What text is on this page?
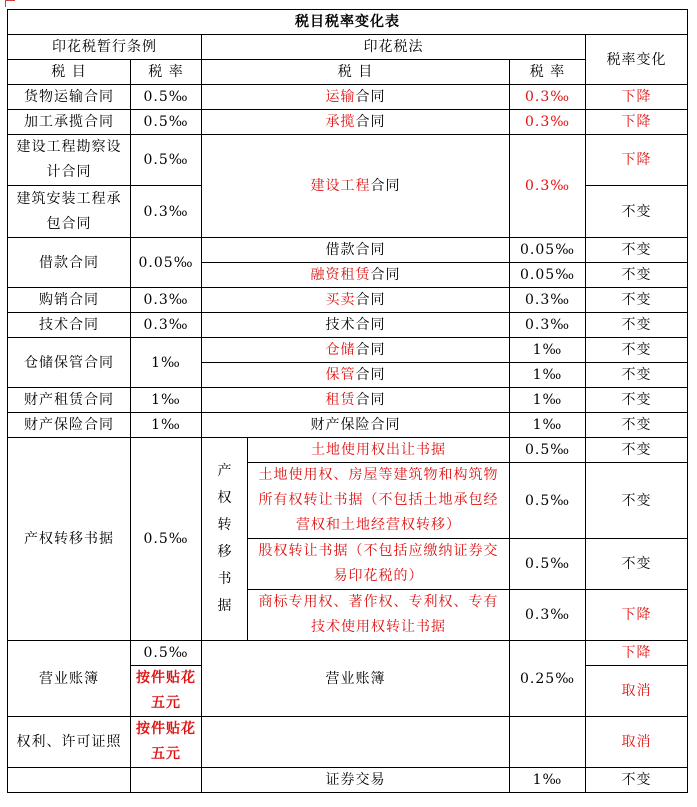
税目税率变化表					
印花税暂行条例		印花税法			税率变化
税 目	税 率	税 目		税 率	
货物运输合同	0.5‰	运输合同		0.3‰	下降
加工承揽合同	0.5‰	承揽合同		0.3‰	下降
建设工程勘察设计合同	0.5‰	建设工程合同		0.3‰	下降
建筑安装工程承包合同	0.3‰				不变
借款合同	0.05‰	借款合同		0.05‰	不变
		融资租赁合同		0.05‰	不变
购销合同	0.3‰	买卖合同		0.3‰	不变
技术合同	0.3‰	技术合同		0.3‰	不变
仓储保管合同	1‰	仓储合同		1‰	不变
		保管合同		1‰	不变
财产租赁合同	1‰	租赁合同		1‰	不变
财产保险合同	1‰	财产保险合同		1‰	不变
产权转移书据	0.5‰	产权转移书据	土地使用权出让书据	0.5‰	不变
			土地使用权、房屋等建筑物和构筑物所有权转让书据（不包括土地承包经营权和土地经营权转移）	0.5‰	不变
			股权转让书据（不包括应缴纳证券交易印花税的）	0.5‰	不变
			商标专用权、著作权、专利权、专有技术使用权转让书据	0.3‰	下降
营业账簿	0.5‰	营业账簿		0.25‰	下降
	按件贴花五元				取消
权利、许可证照	按件贴花五元				取消
		证券交易		1‰	不变
